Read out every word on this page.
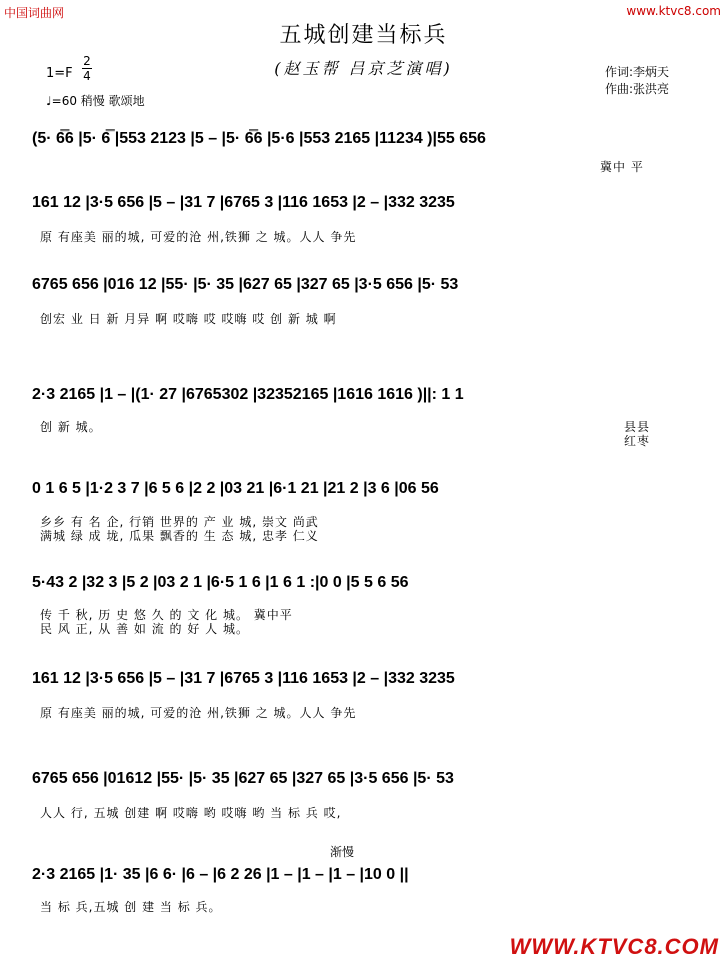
中国词曲网	www.ktvc8.com
五城创建当标兵
(赵玉帮 吕京芝演唱)	作词:李炳天
作曲:张洪亮
1=F
2
4
♩=60 稍慢 歌颂地
(5· 6̿6 |5· 6̿ |553 2123 |5 – |5· 6̿6 |5·6 |553 2165 |11234 )|55 656
冀中 平
161 12 |3·5 656 |5 – |31 7 |6765 3 |116 1653 |2 – |332 3235
原 有座美 丽的城, 可爱的沧 州,铁狮 之 城。人人 争先
6765 656 |016 12 |55· |5· 35 |627 65 |327 65 |3·5 656 |5· 53
创宏 业 日 新 月异 啊 哎嗨 哎 哎嗨 哎 创 新 城 啊
2·3 2165 |1 – |(1· 27 |6765302 |32352165 |1616 1616 )||: 1 1
创 新 城。	县县
红枣
0 1 6 5 |1·2 3 7 |6 5 6 |2 2 |03 21 |6·1 21 |21 2 |3 6 |06 56
乡乡 有 名 企, 行销 世界的 产 业 城, 崇文 尚武
满城 绿 成 垅, 瓜果 飘香的 生 态 城, 忠孝 仁义
5·43 2 |32 3 |5 2 |03 2 1 |6·5 1 6 |1 6 1 :|0 0 |5 5 6 56
传 千 秋, 历 史 悠 久 的 文 化 城。 冀中平
民 风 正, 从 善 如 流 的 好 人 城。
161 12 |3·5 656 |5 – |31 7 |6765 3 |116 1653 |2 – |332 3235
原 有座美 丽的城, 可爱的沧 州,铁狮 之 城。人人 争先
6765 656 |01612 |55· |5· 35 |627 65 |327 65 |3·5 656 |5· 53
人人 行, 五城 创建 啊 哎嗨 哟 哎嗨 哟 当 标 兵 哎,
渐慢
2·3 2165 |1· 35 |6 6· |6 – |6 2 26 |1 – |1 – |1 – |10 0 ||
当 标 兵,五城 创 建 当 标 兵。
WWW.KTVC8.COM
